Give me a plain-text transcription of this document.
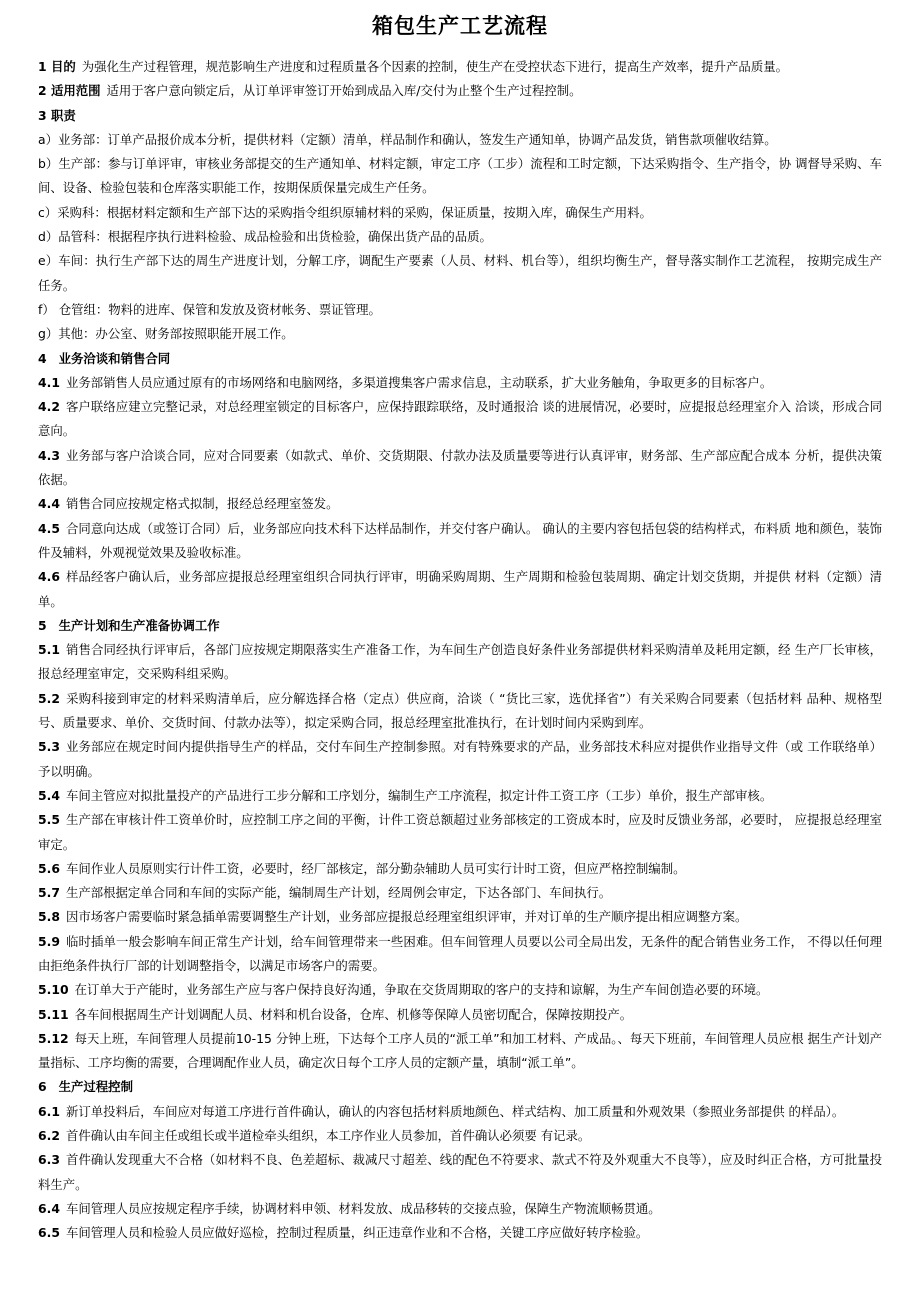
箱包生产工艺流程

1 目的 为强化生产过程管理，规范影响生产进度和过程质量各个因素的控制，使生产在受控状态下进行，提高生产效率，提升产品质量。

2 适用范围 适用于客户意向锁定后，从订单评审签订开始到成品入库/交付为止整个生产过程控制。

3 职责

a）业务部：订单产品报价成本分析，提供材料（定额）清单，样品制作和确认，签发生产通知单，协调产品发货，销售款项催收结算。

b）生产部：参与订单评审，审核业务部提交的生产通知单、材料定额，审定工序（工步）流程和工时定额，下达采购指令、生产指令，协 调督导采购、车间、设备、检验包装和仓库落实职能工作，按期保质保量完成生产任务。

c）采购科：根据材料定额和生产部下达的采购指令组织原辅材料的采购，保证质量，按期入库，确保生产用料。

d）品管科：根据程序执行进料检验、成品检验和出货检验，确保出货产品的品质。

e）车间：执行生产部下达的周生产进度计划，分解工序，调配生产要素（人员、材料、机台等），组织均衡生产，督导落实制作工艺流程， 按期完成生产任务。

f） 仓管组：物料的进库、保管和发放及资材帐务、票证管理。

g）其他：办公室、财务部按照职能开展工作。

4 业务洽谈和销售合同

4.1 业务部销售人员应通过原有的市场网络和电脑网络，多渠道搜集客户需求信息，主动联系，扩大业务触角，争取更多的目标客户。

4.2 客户联络应建立完整记录，对总经理室锁定的目标客户，应保持跟踪联络，及时通报洽 谈的进展情况，必要时，应提报总经理室介入 洽谈，形成合同意向。

4.3 业务部与客户洽谈合同，应对合同要素（如款式、单价、交货期限、付款办法及质量要等进行认真评审，财务部、生产部应配合成本 分析，提供决策依据。

4.4 销售合同应按规定格式拟制，报经总经理室签发。

4.5 合同意向达成（或签订合同）后，业务部应向技术科下达样品制作，并交付客户确认。 确认的主要内容包括包袋的结构样式，布料质 地和颜色，装饰件及辅料，外观视觉效果及验收标准。

4.6 样品经客户确认后，业务部应提报总经理室组织合同执行评审，明确采购周期、生产周期和检验包装周期、确定计划交货期，并提供 材料（定额）清单。

5 生产计划和生产准备协调工作

5.1 销售合同经执行评审后，各部门应按规定期限落实生产准备工作，为车间生产创造良好条件业务部提供材料采购清单及耗用定额，经 生产厂长审核，报总经理室审定，交采购科组采购。

5.2 采购科接到审定的材料采购清单后，应分解选择合格（定点）供应商，洽谈（ “货比三家，选优择省”）有关采购合同要素（包括材料 品种、规格型号、质量要求、单价、交货时间、付款办法等），拟定采购合同，报总经理室批准执行，在计划时间内采购到库。

5.3 业务部应在规定时间内提供指导生产的样品，交付车间生产控制参照。对有特殊要求的产品，业务部技术科应对提供作业指导文件（或 工作联络单）予以明确。

5.4 车间主管应对拟批量投产的产品进行工步分解和工序划分，编制生产工序流程，拟定计件工资工序（工步）单价，报生产部审核。

5.5 生产部在审核计件工资单价时，应控制工序之间的平衡，计件工资总额超过业务部核定的工资成本时，应及时反馈业务部，必要时， 应提报总经理室审定。

5.6 车间作业人员原则实行计件工资，必要时，经厂部核定，部分勤杂辅助人员可实行计时工资，但应严格控制编制。

5.7 生产部根据定单合同和车间的实际产能，编制周生产计划，经周例会审定，下达各部门、车间执行。

5.8 因市场客户需要临时紧急插单需要调整生产计划，业务部应提报总经理室组织评审，并对订单的生产顺序提出相应调整方案。

5.9 临时插单一般会影响车间正常生产计划，给车间管理带来一些困难。但车间管理人员要以公司全局出发，无条件的配合销售业务工作， 不得以任何理由拒绝条件执行厂部的计划调整指令，以满足市场客户的需要。

5.10 在订单大于产能时，业务部生产应与客户保持良好沟通，争取在交货周期取的客户的支持和谅解，为生产车间创造必要的环境。

5.11 各车间根据周生产计划调配人员、材料和机台设备，仓库、机修等保障人员密切配合，保障按期投产。

5.12 每天上班，车间管理人员提前10-15 分钟上班，下达每个工序人员的“派工单”和加工材料、产成品。、每天下班前，车间管理人员应根 据生产计划产量指标、工序均衡的需要，合理调配作业人员，确定次日每个工序人员的定额产量，填制“派工单”。

6 生产过程控制

6.1 新订单投料后，车间应对每道工序进行首件确认，确认的内容包括材料质地颜色、样式结构、加工质量和外观效果（参照业务部提供 的样品）。

6.2 首件确认由车间主任或组长或半道检牵头组织，本工序作业人员参加，首件确认必须要 有记录。

6.3 首件确认发现重大不合格（如材料不良、色差超标、裁减尺寸超差、线的配色不符要求、款式不符及外观重大不良等），应及时纠正合格，方可批量投料生产。

6.4 车间管理人员应按规定程序手续，协调材料申领、材料发放、成品移转的交接点验，保障生产物流顺畅贯通。

6.5 车间管理人员和检验人员应做好巡检，控制过程质量，纠正违章作业和不合格，关键工序应做好转序检验。
